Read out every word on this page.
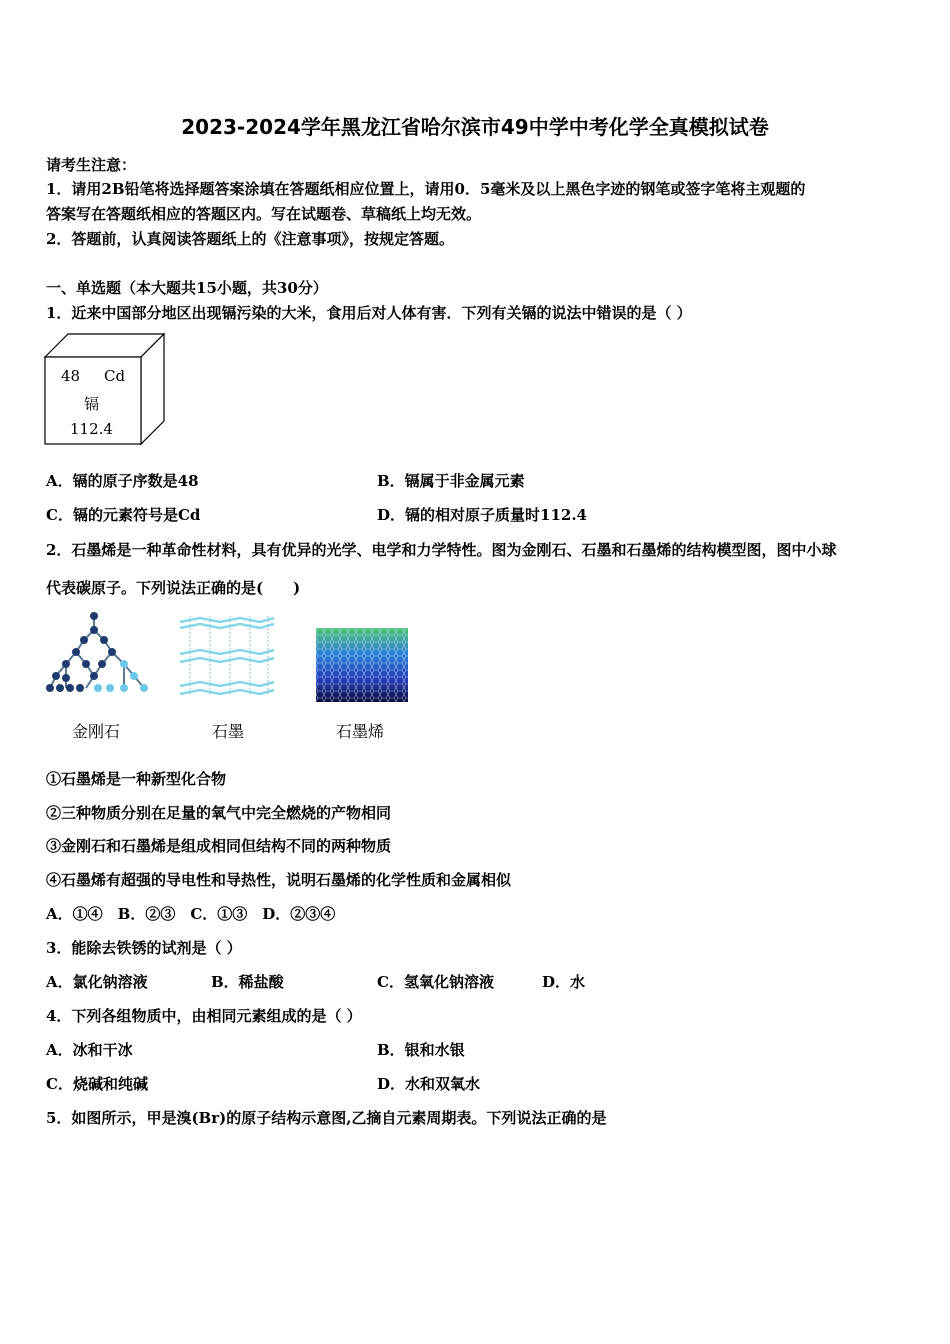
2023-2024学年黑龙江省哈尔滨市49中学中考化学全真模拟试卷
请考生注意：
1．请用2B铅笔将选择题答案涂填在答题纸相应位置上，请用0．5毫米及以上黑色字迹的钢笔或签字笔将主观题的
答案写在答题纸相应的答题区内。写在试题卷、草稿纸上均无效。
2．答题前，认真阅读答题纸上的《注意事项》，按规定答题。
一、单选题（本大题共15小题，共30分）
1．近来中国部分地区出现镉污染的大米，食用后对人体有害．下列有关镉的说法中错误的是（ ）
48 Cd
镉
112.4
A．镉的原子序数是48	B．镉属于非金属元素
C．镉的元素符号是Cd	D．镉的相对原子质量时112.4
2．石墨烯是一种革命性材料，具有优异的光学、电学和力学特性。图为金刚石、石墨和石墨烯的结构模型图，图中小球
代表碳原子。下列说法正确的是(　　)
金刚石	石墨	石墨烯
①石墨烯是一种新型化合物
②三种物质分别在足量的氧气中完全燃烧的产物相同
③金刚石和石墨烯是组成相同但结构不同的两种物质
④石墨烯有超强的导电性和导热性，说明石墨烯的化学性质和金属相似
A．①④　B．②③　C．①③　D．②③④
3．能除去铁锈的试剂是（ ）
A．氯化钠溶液	B．稀盐酸	C．氢氧化钠溶液	D．水
4．下列各组物质中，由相同元素组成的是（ ）
A．冰和干冰	B．银和水银
C．烧碱和纯碱	D．水和双氧水
5．如图所示，甲是溴(Br)的原子结构示意图,乙摘自元素周期表。下列说法正确的是
